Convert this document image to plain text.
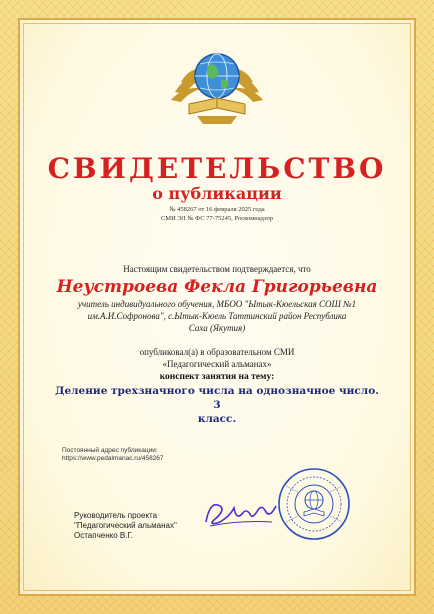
СВИДЕТЕЛЬСТВО
о публикации
№ 458267 от 16 февраля 2025 года
СМИ ЭЛ № ФС 77-75245, Роскомнадзор
Настоящим свидетельством подтверждается, что
Неустроева Фекла Григорьевна
учитель индивидуального обучения, МБОО "Ытык-Кюельская СОШ №1
им.А.И.Софронова", с.Ытык-Кюель Таттинский район Республика
Саха (Якутия)
опубликовал(а) в образовательном СМИ
«Педагогический альманах»
конспект занятия на тему:
Деление трехзначного числа на однозначное число. 3
класс.
Постоянный адрес публикации:
https://www.pedalmanac.ru/458267
Руководитель проекта
"Педагогический альманах"
Остапченко В.Г.
